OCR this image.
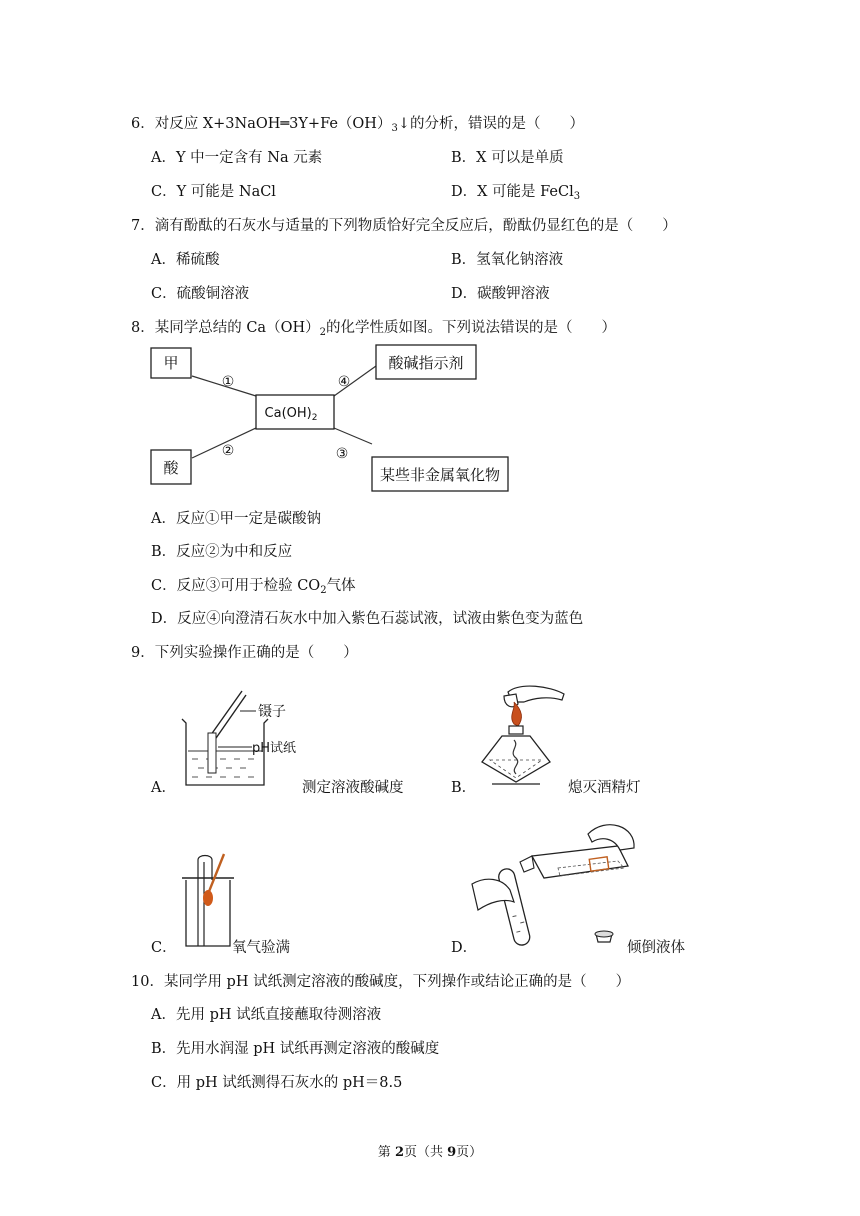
6．对反应 $X+3NaOH═3Y+Fe(OH)_3↓$的分析，错误的是（　　）
A．Y 中一定含有 Na 元素	B．X 可以是单质
C．Y 可能是 NaCl	D．X 可能是 FeCl$_3$
7．滴有酚酞的石灰水与适量的下列物质恰好完全反应后，酚酞仍显红色的是（　　）
A．稀硫酸	B．氢氧化钠溶液
C．硫酸铜溶液	D．碳酸钾溶液
8．某同学总结的 $Ca(OH)_2$的化学性质如图。下列说法错误的是（　　）
甲
酸
酸碱指示剂
某些非金属氧化物
$Ca(OH)_2$
①
②	③
④
A．反应①甲一定是碳酸钠
B．反应②为中和反应
C．反应③可用于检验 $CO_2$气体
D．反应④向澄清石灰水中加入紫色石蕊试液，试液由紫色变为蓝色
9．下列实验操作正确的是（　　）
A．
镊子
pH试纸
测定溶液酸碱度	B．	熄灭酒精灯
C．	氧气验满	D．	倾倒液体
10．某同学用 pH 试纸测定溶液的酸碱度，下列操作或结论正确的是（　　）
A．先用 pH 试纸直接蘸取待测溶液
B．先用水润湿 pH 试纸再测定溶液的酸碱度
C．用 pH 试纸测得石灰水的 pH＝8.5
第 2页（共 9页）
